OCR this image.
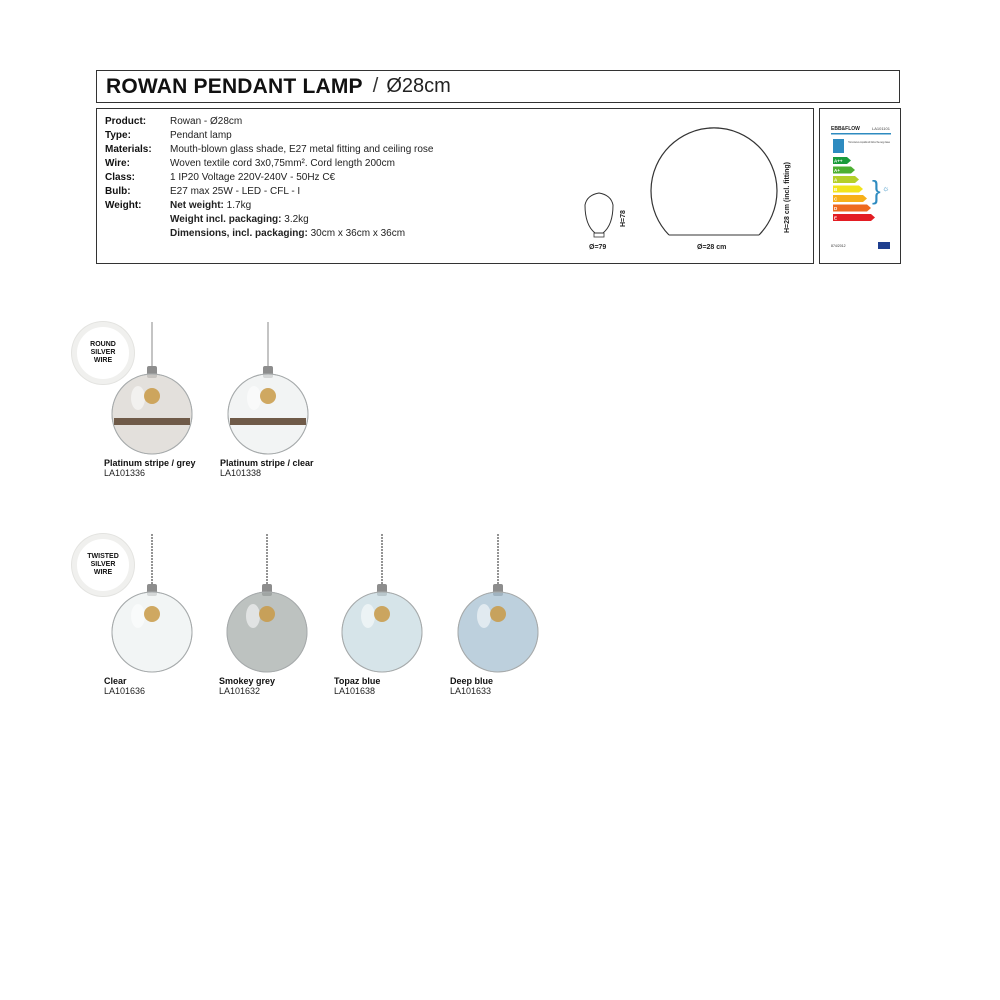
ROWAN PENDANT LAMP / Ø28cm
Product:	Rowan - Ø28cm
Type:	Pendant lamp
Materials:	Mouth-blown glass shade, E27 metal fitting and ceiling rose
Wire:	Woven textile cord 3x0,75mm². Cord length 200cm
Class:	1 IP20 Voltage 220V-240V - 50Hz C€
Bulb:	E27 max 25W - LED - CFL - I
Weight:	Net weight: 1.7kg
Weight incl. packaging: 3.2kg
Dimensions, incl. packaging: 30cm x 36cm x 36cm
H=78
Ø=79	Ø=28 cm
H=28 cm (incl. fitting)
EBB&FLOW	LA101101
This luminaire is compatible with bulbs of the energy classes
A++
A+
A
B
C
D
E
} ☼
874/2012
ROUND SILVER WIRE
Platinum stripe / grey
LA101336
Platinum stripe / clear
LA101338
TWISTED SILVER WIRE
Clear
LA101636
Smokey grey
LA101632
Topaz blue
LA101638
Deep blue
LA101633
